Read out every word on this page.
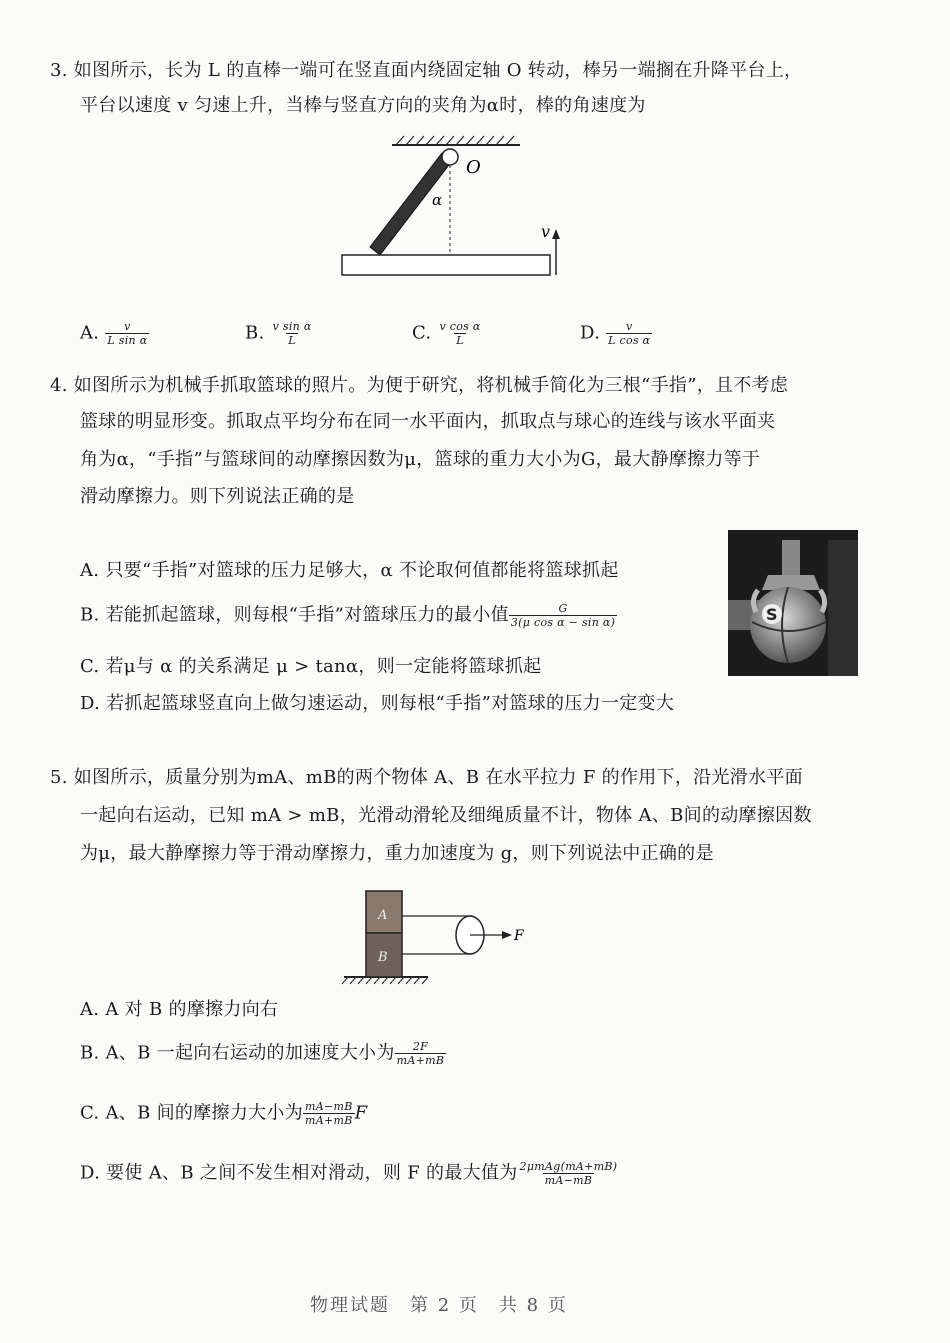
3. 如图所示，长为 L 的直棒一端可在竖直面内绕固定轴 O 转动，棒另一端搁在升降平台上，
平台以速度 v 匀速上升，当棒与竖直方向的夹角为α时，棒的角速度为
O
α
v
A. $\frac{v}{\text{L sin α}}$	B. $\frac{\text{v sin α}}{L}$	C. $\frac{\text{v cos α}}{L}$	D. $\frac{v}{\text{L cos α}}$
4. 如图所示为机械手抓取篮球的照片。为便于研究，将机械手简化为三根“手指”，且不考虑
篮球的明显形变。抓取点平均分布在同一水平面内，抓取点与球心的连线与该水平面夹
角为α，“手指”与篮球间的动摩擦因数为μ，篮球的重力大小为G，最大静摩擦力等于
滑动摩擦力。则下列说法正确的是
A. 只要“手指”对篮球的压力足够大，α 不论取何值都能将篮球抓起
B. 若能抓起篮球，则每根“手指”对篮球压力的最小值 $\frac{G}{\text{3(μ cos α − sin α)}}$
C. 若μ与 α 的关系满足 μ > tanα，则一定能将篮球抓起
D. 若抓起篮球竖直向上做匀速运动，则每根“手指”对篮球的压力一定变大
S
5. 如图所示，质量分别为mA、mB的两个物体 A、B 在水平拉力 F 的作用下，沿光滑水平面
一起向右运动，已知 mA > mB，光滑动滑轮及细绳质量不计，物体 A、B间的动摩擦因数
为μ，最大静摩擦力等于滑动摩擦力，重力加速度为 g，则下列说法中正确的是
A
B
F
A. A 对 B 的摩擦力向右
B. A、B 一起向右运动的加速度大小为 $\frac{2F}{mA+mB}$
C. A、B 间的摩擦力大小为 $\frac{mA-mB}{mA+mB}$ F
D. 要使 A、B 之间不发生相对滑动，则 F 的最大值为 $\frac{\text{2μmAg(mA+mB)}}{mA-mB}$
物理试题　第 2 页　共 8 页
